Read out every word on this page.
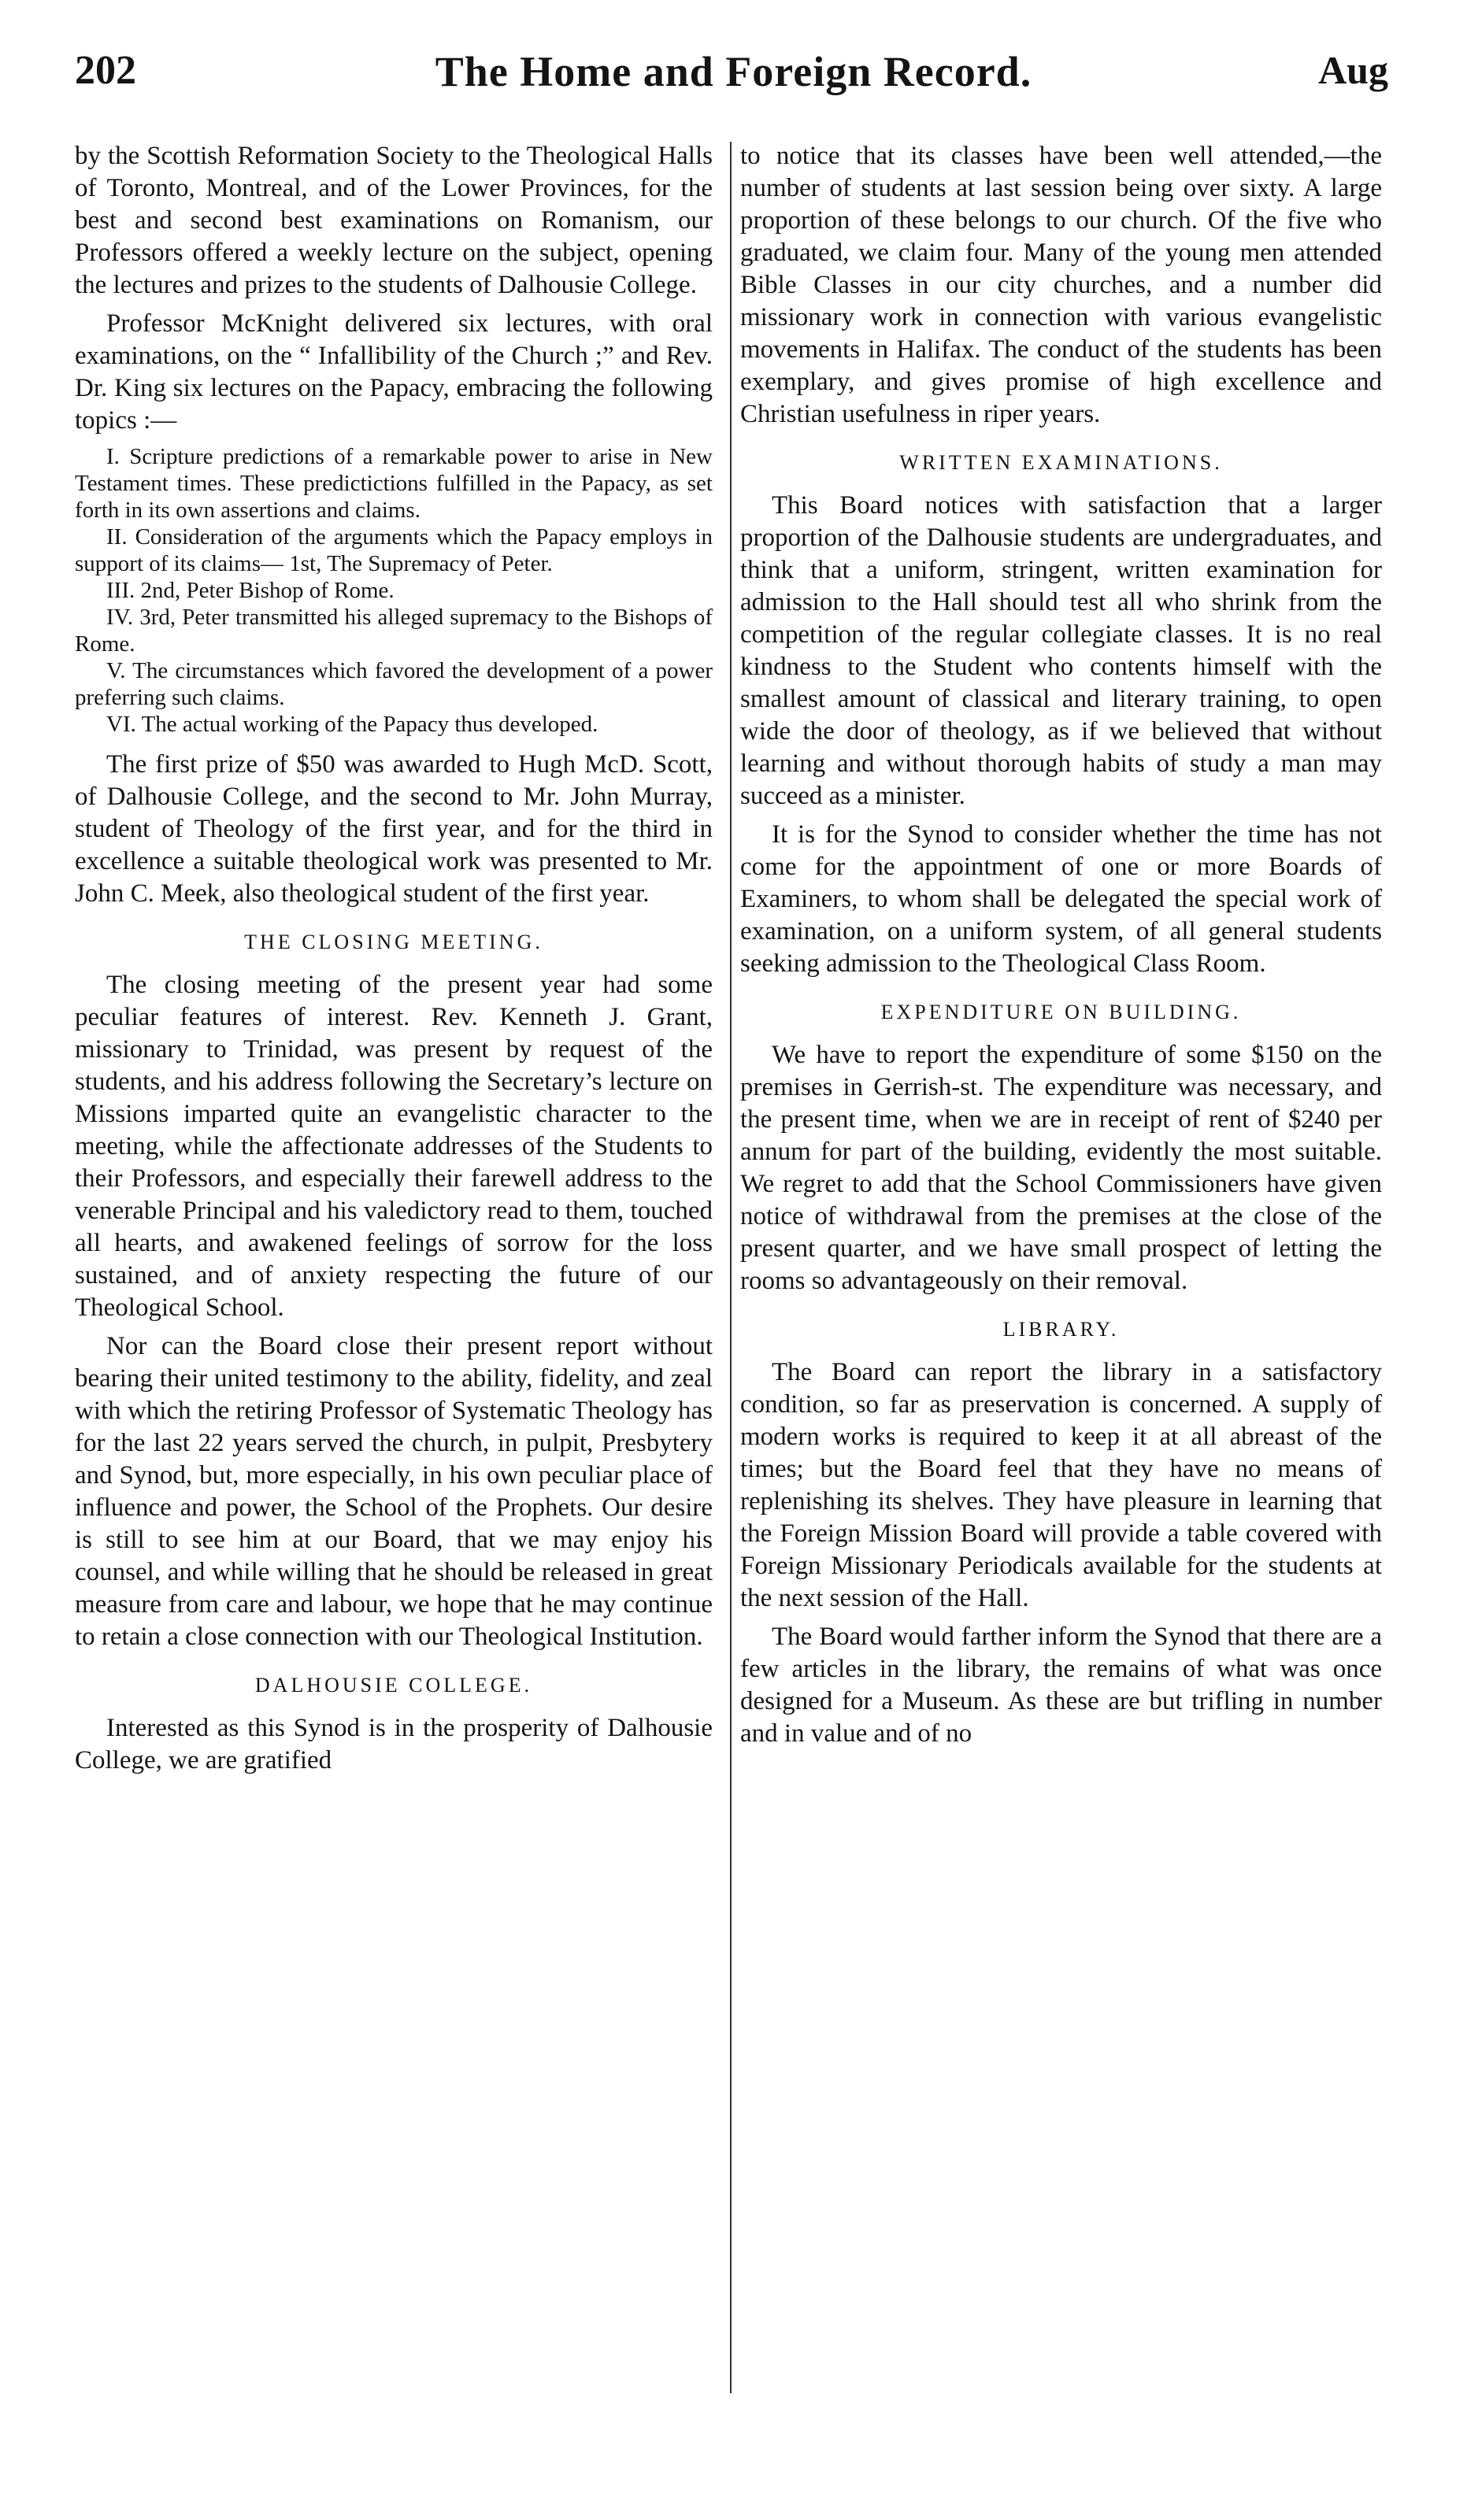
202	The Home and Foreign Record.	Aug

by the Scottish Reformation Society to the Theological Halls of Toronto, Montreal, and of the Lower Provinces, for the best and second best examinations on Romanism, our Professors offered a weekly lecture on the subject, opening the lectures and prizes to the students of Dalhousie College.

Professor McKnight delivered six lectures, with oral examinations, on the “ Infallibility of the Church ;” and Rev. Dr. King six lectures on the Papacy, embracing the following topics :—

I. Scripture predictions of a remarkable power to arise in New Testament times. These predictictions fulfilled in the Papacy, as set forth in its own assertions and claims.

II. Consideration of the arguments which the Papacy employs in support of its claims— 1st, The Supremacy of Peter.

III. 2nd, Peter Bishop of Rome.

IV. 3rd, Peter transmitted his alleged supremacy to the Bishops of Rome.

V. The circumstances which favored the development of a power preferring such claims.

VI. The actual working of the Papacy thus developed.

The first prize of $50 was awarded to Hugh McD. Scott, of Dalhousie College, and the second to Mr. John Murray, student of Theology of the first year, and for the third in excellence a suitable theological work was presented to Mr. John C. Meek, also theological student of the first year.

THE CLOSING MEETING.

The closing meeting of the present year had some peculiar features of interest. Rev. Kenneth J. Grant, missionary to Trinidad, was present by request of the students, and his address following the Secretary’s lecture on Missions imparted quite an evangelistic character to the meeting, while the affectionate addresses of the Students to their Professors, and especially their farewell address to the venerable Principal and his valedictory read to them, touched all hearts, and awakened feelings of sorrow for the loss sustained, and of anxiety respecting the future of our Theological School.

Nor can the Board close their present report without bearing their united testimony to the ability, fidelity, and zeal with which the retiring Professor of Systematic Theology has for the last 22 years served the church, in pulpit, Presbytery and Synod, but, more especially, in his own peculiar place of influence and power, the School of the Prophets. Our desire is still to see him at our Board, that we may enjoy his counsel, and while willing that he should be released in great measure from care and labour, we hope that he may continue to retain a close connection with our Theological Institution.

DALHOUSIE COLLEGE.

Interested as this Synod is in the prosperity of Dalhousie College, we are gratified

to notice that its classes have been well attended,—the number of students at last session being over sixty. A large proportion of these belongs to our church. Of the five who graduated, we claim four. Many of the young men attended Bible Classes in our city churches, and a number did missionary work in connection with various evangelistic movements in Halifax. The conduct of the students has been exemplary, and gives promise of high excellence and Christian usefulness in riper years.

WRITTEN EXAMINATIONS.

This Board notices with satisfaction that a larger proportion of the Dalhousie students are undergraduates, and think that a uniform, stringent, written examination for admission to the Hall should test all who shrink from the competition of the regular collegiate classes. It is no real kindness to the Student who contents himself with the smallest amount of classical and literary training, to open wide the door of theology, as if we believed that without learning and without thorough habits of study a man may succeed as a minister.

It is for the Synod to consider whether the time has not come for the appointment of one or more Boards of Examiners, to whom shall be delegated the special work of examination, on a uniform system, of all general students seeking admission to the Theological Class Room.

EXPENDITURE ON BUILDING.

We have to report the expenditure of some $150 on the premises in Gerrish-st. The expenditure was necessary, and the present time, when we are in receipt of rent of $240 per annum for part of the building, evidently the most suitable. We regret to add that the School Commissioners have given notice of withdrawal from the premises at the close of the present quarter, and we have small prospect of letting the rooms so advantageously on their removal.

LIBRARY.

The Board can report the library in a satisfactory condition, so far as preservation is concerned. A supply of modern works is required to keep it at all abreast of the times; but the Board feel that they have no means of replenishing its shelves. They have pleasure in learning that the Foreign Mission Board will provide a table covered with Foreign Missionary Periodicals available for the students at the next session of the Hall.

The Board would farther inform the Synod that there are a few articles in the library, the remains of what was once designed for a Museum. As these are but trifling in number and in value and of no
